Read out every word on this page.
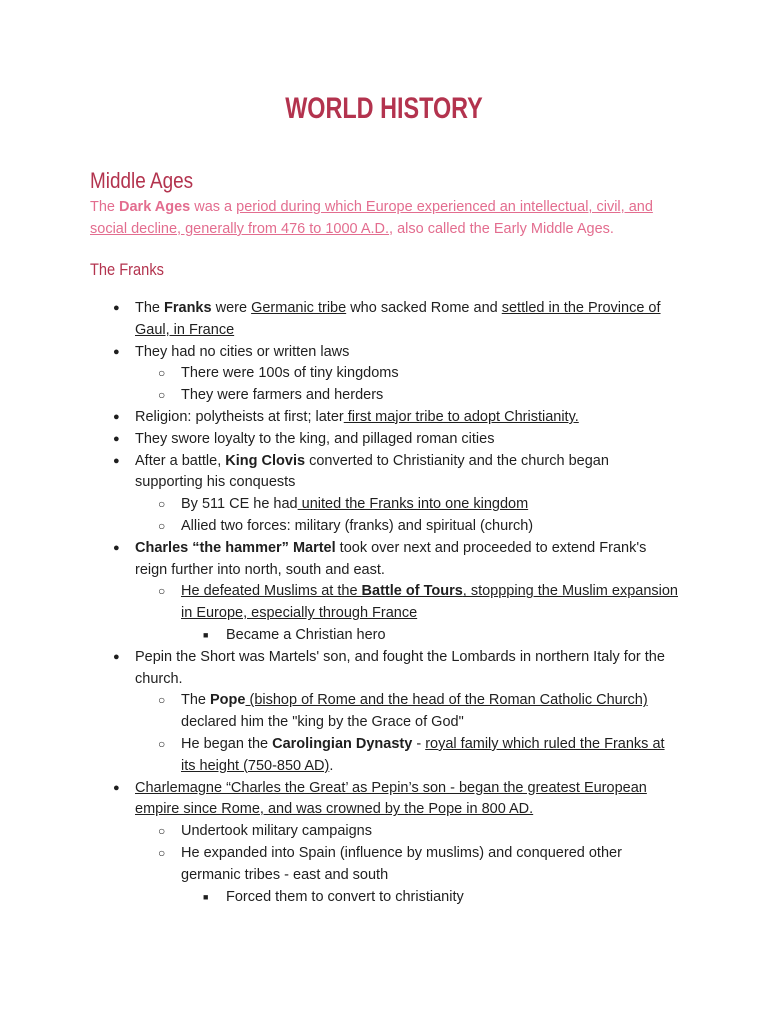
WORLD HISTORY
Middle Ages

The Dark Ages was a period during which Europe experienced an intellectual, civil, and social decline, generally from 476 to 1000 A.D., also called the Early Middle Ages.

The Franks
● The Franks were Germanic tribe who sacked Rome and settled in the Province of Gaul, in France
● They had no cities or written laws
○ There were 100s of tiny kingdoms
○ They were farmers and herders
● Religion: polytheists at first; later first major tribe to adopt Christianity.
● They swore loyalty to the king, and pillaged roman cities
● After a battle, King Clovis converted to Christianity and the church began supporting his conquests
○ By 511 CE he had united the Franks into one kingdom
○ Allied two forces: military (franks) and spiritual (church)
● Charles “the hammer” Martel took over next and proceeded to extend Frank's reign further into north, south and east.
○ He defeated Muslims at the Battle of Tours, stoppping the Muslim expansion in Europe, especially through France
■ Became a Christian hero
● Pepin the Short was Martels' son, and fought the Lombards in northern Italy for the church.
○ The Pope (bishop of Rome and the head of the Roman Catholic Church) declared him the "king by the Grace of God"
○ He began the Carolingian Dynasty - royal family which ruled the Franks at its height (750-850 AD).
● Charlemagne “Charles the Great’ as Pepin’s son - began the greatest European empire since Rome, and was crowned by the Pope in 800 AD.
○ Undertook military campaigns
○ He expanded into Spain (influence by muslims) and conquered other germanic tribes - east and south
■ Forced them to convert to christianity
